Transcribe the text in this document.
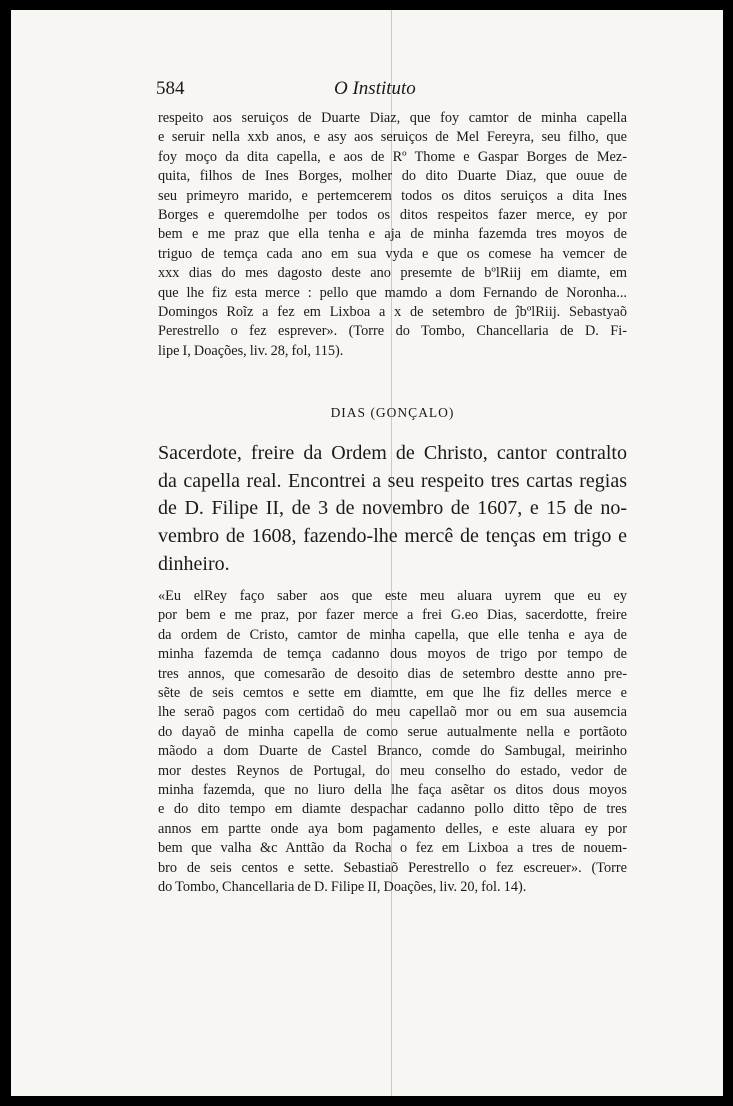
584	O Instituto
respeito aos seruiços de Duarte Diaz, que foy camtor de minha capella
e seruir nella xxb anos, e asy aos seruiços de Mel Fereyra, seu filho, que
foy moço da dita capella, e aos de Rº Thome e Gaspar Borges de Mez-
quita, filhos de Ines Borges, molher do dito Duarte Diaz, que ouue de
seu primeyro marido, e pertemcerem todos os ditos seruiços a dita Ines
Borges e queremdolhe per todos os ditos respeitos fazer merce, ey por
bem e me praz que ella tenha e aja de minha fazemda tres moyos de
triguo de temça cada ano em sua vyda e que os comese ha vemcer de
xxx dias do mes dagosto deste ano presemte de bºlRiij em diamte, em
que lhe fiz esta merce : pello que mamdo a dom Fernando de Noronha...
Domingos Roĩz a fez em Lixboa a x de setembro de ĵbºlRiij. Sebastyaõ
Perestrello o fez esprever». (Torre do Tombo, Chancellaria de D. Fi-
lipe I, Doações, liv. 28, fol, 115).
DIAS (GONÇALO)
Sacerdote, freire da Ordem de Christo, cantor contralto
da capella real. Encontrei a seu respeito tres cartas regias
de D. Filipe II, de 3 de novembro de 1607, e 15 de no-
vembro de 1608, fazendo-lhe mercê de tenças em trigo e
dinheiro.
«Eu elRey faço saber aos que este meu aluara uyrem que eu ey
por bem e me praz, por fazer merce a frei G.eo Dias, sacerdotte, freire
da ordem de Cristo, camtor de minha capella, que elle tenha e aya de
minha fazemda de temça cadanno dous moyos de trigo por tempo de
tres annos, que comesarão de desoito dias de setembro destte anno pre-
sẽte de seis cemtos e sette em diamtte, em que lhe fiz delles merce e
lhe seraõ pagos com certidaõ do meu capellaõ mor ou em sua ausemcia
do dayaõ de minha capella de como serue autualmente nella e portãoto
mãodo a dom Duarte de Castel Branco, comde do Sambugal, meirinho
mor destes Reynos de Portugal, do meu conselho do estado, vedor de
minha fazemda, que no liuro della lhe faça asẽtar os ditos dous moyos
e do dito tempo em diamte despachar cadanno pollo ditto tẽpo de tres
annos em partte onde aya bom pagamento delles, e este aluara ey por
bem que valha &c Anttão da Rocha o fez em Lixboa a tres de nouem-
bro de seis centos e sette. Sebastiaõ Perestrello o fez escreuer». (Torre
do Tombo, Chancellaria de D. Filipe II, Doações, liv. 20, fol. 14).
